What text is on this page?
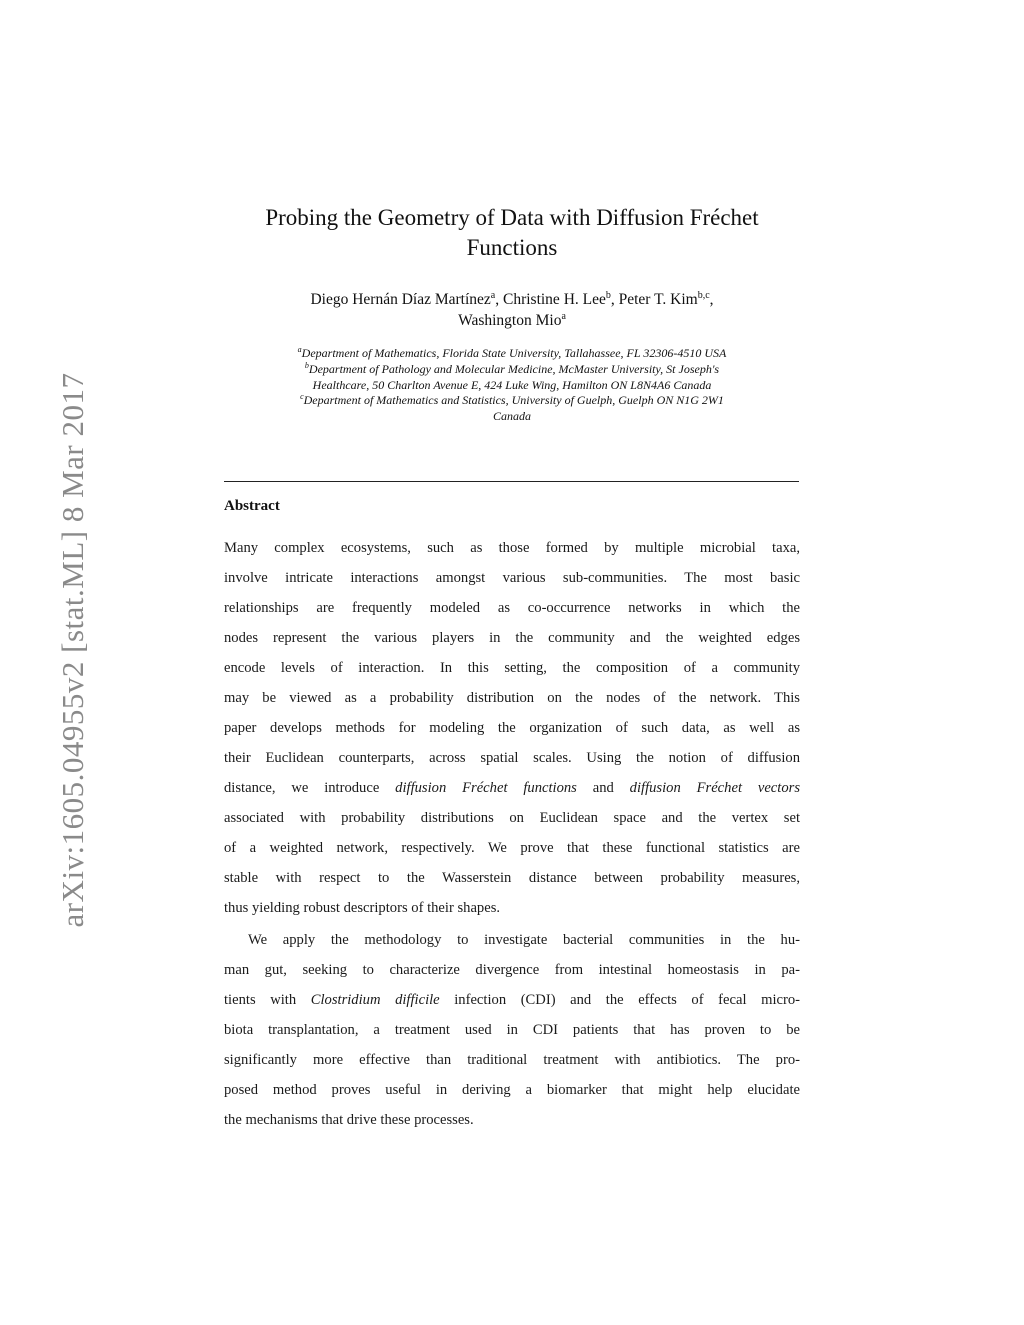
arXiv:1605.04955v2 [stat.ML] 8 Mar 2017
Probing the Geometry of Data with Diffusion Fréchet
Functions
Diego Hernán Díaz Martínez$^a$, Christine H. Lee$^b$, Peter T. Kim$^{b,c}$,
Washington Mio$^a$
$^a$Department of Mathematics, Florida State University, Tallahassee, FL 32306-4510 USA
$^b$Department of Pathology and Molecular Medicine, McMaster University, St Joseph's
Healthcare, 50 Charlton Avenue E, 424 Luke Wing, Hamilton ON L8N4A6 Canada
$^c$Department of Mathematics and Statistics, University of Guelph, Guelph ON N1G 2W1
Canada
Abstract
Many complex ecosystems, such as those formed by multiple microbial taxa,
involve intricate interactions amongst various sub-communities. The most basic
relationships are frequently modeled as co-occurrence networks in which the
nodes represent the various players in the community and the weighted edges
encode levels of interaction. In this setting, the composition of a community
may be viewed as a probability distribution on the nodes of the network. This
paper develops methods for modeling the organization of such data, as well as
their Euclidean counterparts, across spatial scales. Using the notion of diffusion
distance, we introduce diffusion Fréchet functions and diffusion Fréchet vectors
associated with probability distributions on Euclidean space and the vertex set
of a weighted network, respectively. We prove that these functional statistics are
stable with respect to the Wasserstein distance between probability measures,
thus yielding robust descriptors of their shapes.
We apply the methodology to investigate bacterial communities in the hu-
man gut, seeking to characterize divergence from intestinal homeostasis in pa-
tients with Clostridium difficile infection (CDI) and the effects of fecal micro-
biota transplantation, a treatment used in CDI patients that has proven to be
significantly more effective than traditional treatment with antibiotics. The pro-
posed method proves useful in deriving a biomarker that might help elucidate
the mechanisms that drive these processes.
